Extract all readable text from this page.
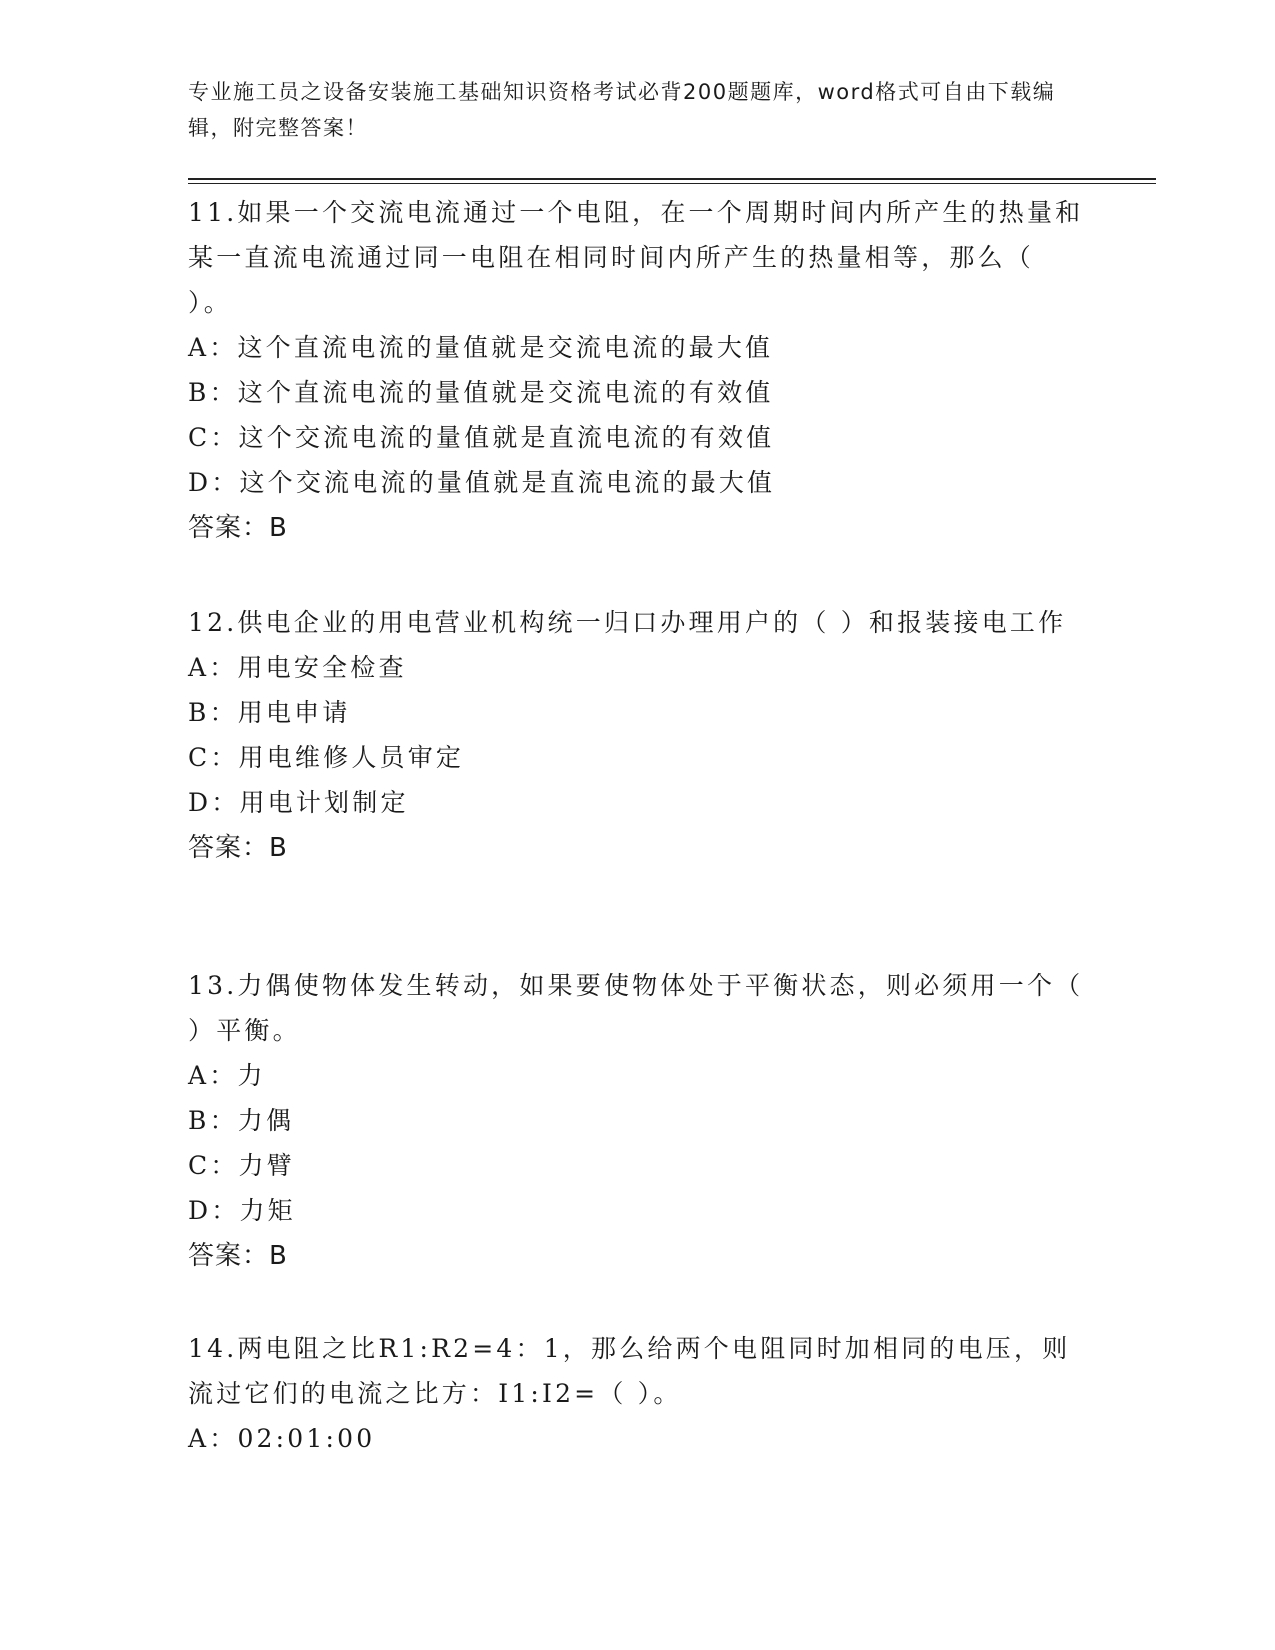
专业施工员之设备安装施工基础知识资格考试必背200题题库，word格式可自由下载编辑，附完整答案！
11.如果一个交流电流通过一个电阻，在一个周期时间内所产生的热量和某一直流电流通过同一电阻在相同时间内所产生的热量相等，那么（ ）。
A：这个直流电流的量值就是交流电流的最大值
B：这个直流电流的量值就是交流电流的有效值
C：这个交流电流的量值就是直流电流的有效值
D：这个交流电流的量值就是直流电流的最大值
答案：B
12.供电企业的用电营业机构统一归口办理用户的（ ）和报装接电工作
A：用电安全检查
B：用电申请
C：用电维修人员审定
D：用电计划制定
答案：B
13.力偶使物体发生转动，如果要使物体处于平衡状态，则必须用一个（ ）平衡。
A：力
B：力偶
C：力臂
D：力矩
答案：B
14.两电阻之比R1:R2=4：1，那么给两个电阻同时加相同的电压，则流过它们的电流之比方：I1:I2=（ ）。
A：02:01:00
